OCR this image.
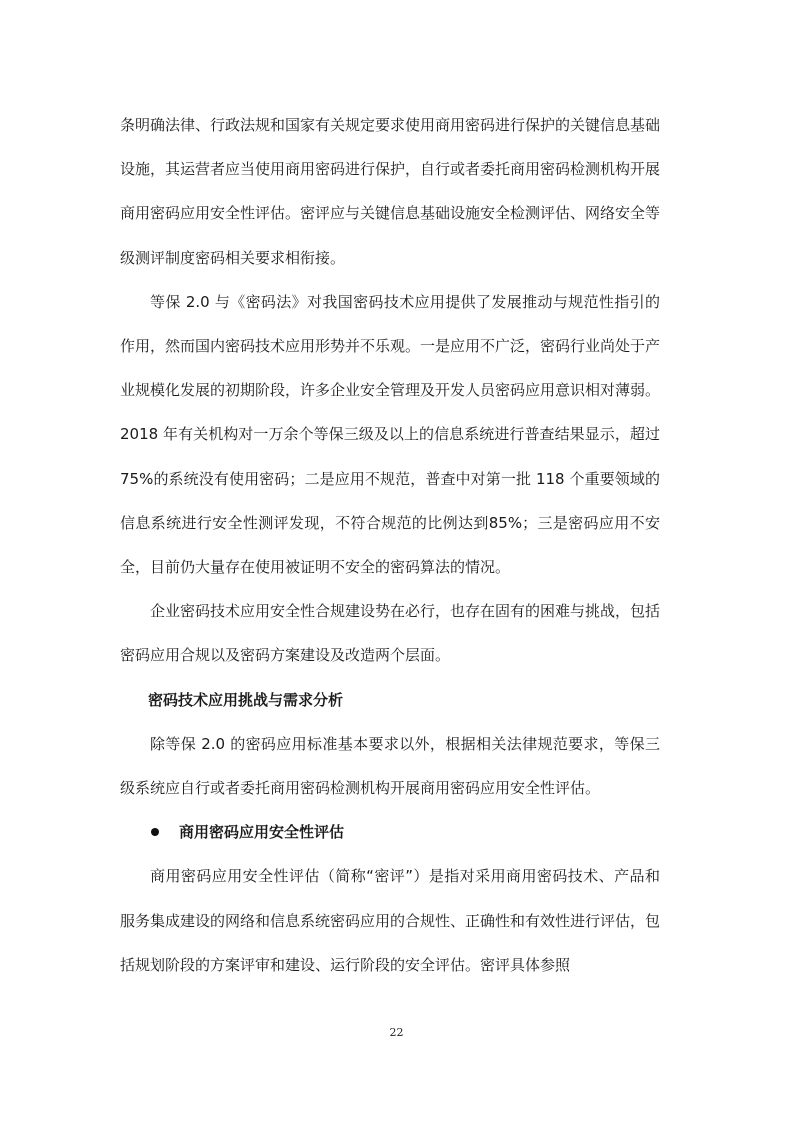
条明确法律、行政法规和国家有关规定要求使用商用密码进行保护的关键信息基础设施，其运营者应当使用商用密码进行保护，自行或者委托商用密码检测机构开展商用密码应用安全性评估。密评应与关键信息基础设施安全检测评估、网络安全等级测评制度密码相关要求相衔接。

等保 2.0 与《密码法》对我国密码技术应用提供了发展推动与规范性指引的作用，然而国内密码技术应用形势并不乐观。一是应用不广泛，密码行业尚处于产业规模化发展的初期阶段，许多企业安全管理及开发人员密码应用意识相对薄弱。2018 年有关机构对一万余个等保三级及以上的信息系统进行普查结果显示，超过 75%的系统没有使用密码；二是应用不规范，普查中对第一批 118 个重要领域的信息系统进行安全性测评发现，不符合规范的比例达到85%；三是密码应用不安全，目前仍大量存在使用被证明不安全的密码算法的情况。

企业密码技术应用安全性合规建设势在必行，也存在固有的困难与挑战，包括密码应用合规以及密码方案建设及改造两个层面。

密码技术应用挑战与需求分析

除等保 2.0 的密码应用标准基本要求以外，根据相关法律规范要求，等保三级系统应自行或者委托商用密码检测机构开展商用密码应用安全性评估。

商用密码应用安全性评估

商用密码应用安全性评估（简称“密评”）是指对采用商用密码技术、产品和服务集成建设的网络和信息系统密码应用的合规性、正确性和有效性进行评估，包括规划阶段的方案评审和建设、运行阶段的安全评估。密评具体参照

22
